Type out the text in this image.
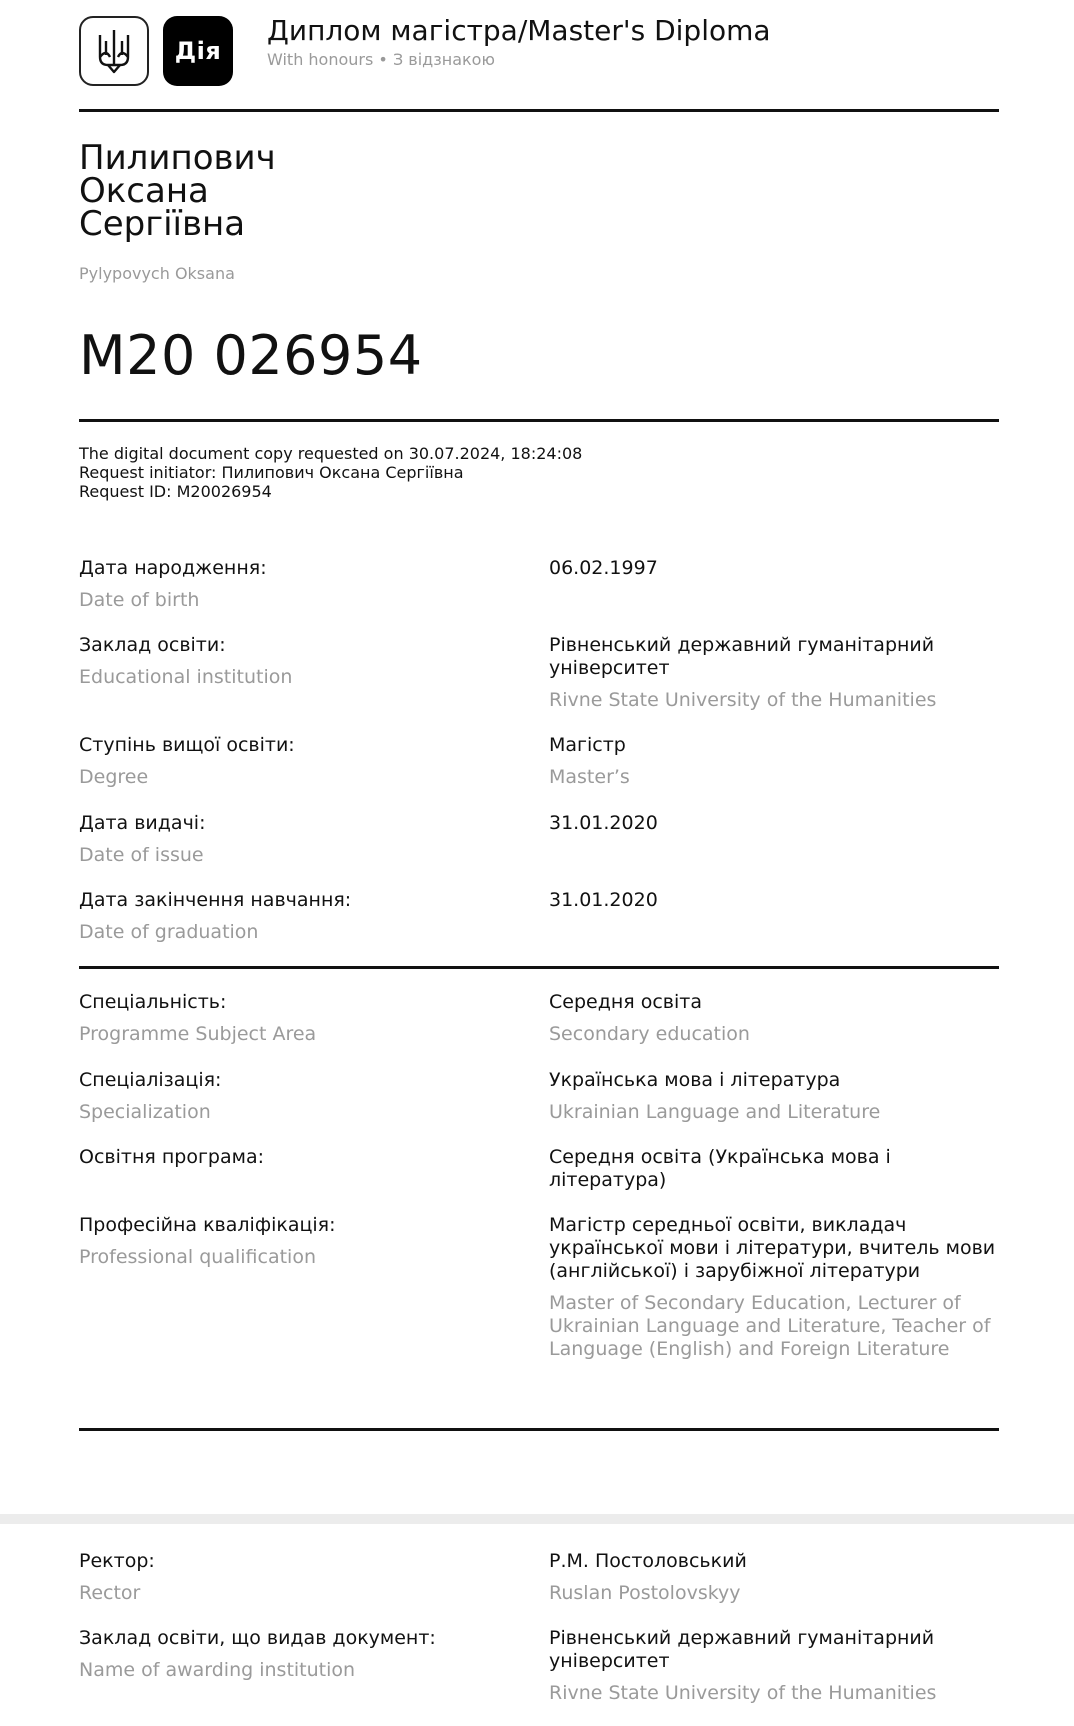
Дія
Диплом магістра/Master's Diploma
With honours • З відзнакою
Пилипович
Оксана
Сергіївна
Pylypovych Oksana
М20 026954
The digital document copy requested on 30.07.2024, 18:24:08
Request initiator: Пилипович Оксана Сергіївна
Request ID: M20026954
Дата народження:
Date of birth
06.02.1997
Заклад освіти:
Educational institution
Рівненський державний гуманітарний університет
Rivne State University of the Humanities
Ступінь вищої освіти:
Degree
Магістр
Master’s
Дата видачі:
Date of issue
31.01.2020
Дата закінчення навчання:
Date of graduation
31.01.2020
Спеціальність:
Programme Subject Area
Середня освіта
Secondary education
Спеціалізація:
Specialization
Українська мова і література
Ukrainian Language and Literature
Освітня програма:	Середня освіта (Українська мова і література)
Професійна кваліфікація:
Professional qualification
Магістр середньої освіти, викладач української мови і літератури, вчитель мови (англійської) і зарубіжної літератури
Master of Secondary Education, Lecturer of Ukrainian Language and Literature, Teacher of Language (English) and Foreign Literature
Ректор:
Rector
Р.М. Постоловський
Ruslan Postolovskyy
Заклад освіти, що видав документ:
Name of awarding institution
Рівненський державний гуманітарний університет
Rivne State University of the Humanities
